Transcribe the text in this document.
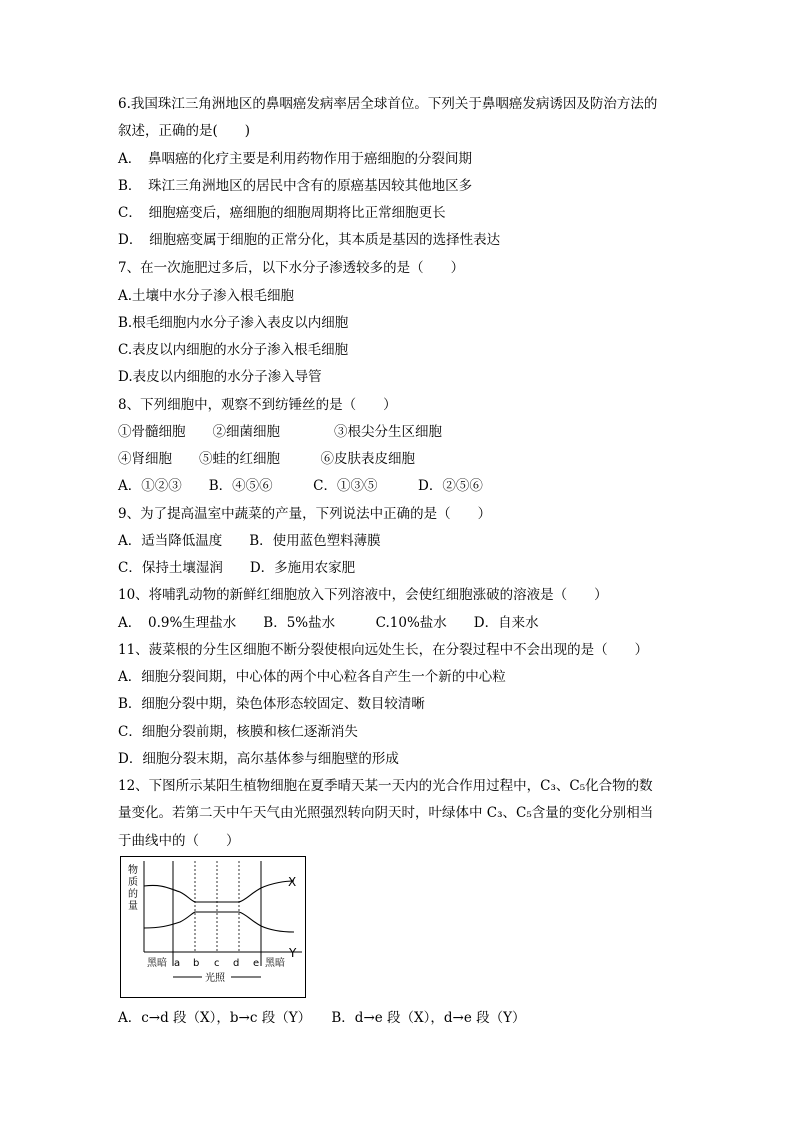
6.我国珠江三角洲地区的鼻咽癌发病率居全球首位。下列关于鼻咽癌发病诱因及防治方法的
叙述，正确的是(　　)
A．　鼻咽癌的化疗主要是利用药物作用于癌细胞的分裂间期
B．　珠江三角洲地区的居民中含有的原癌基因较其他地区多
C．　细胞癌变后，癌细胞的细胞周期将比正常细胞更长
D．　细胞癌变属于细胞的正常分化，其本质是基因的选择性表达
7、在一次施肥过多后，以下水分子渗透较多的是（　　）
A.土壤中水分子渗入根毛细胞
B.根毛细胞内水分子渗入表皮以内细胞
C.表皮以内细胞的水分子渗入根毛细胞
D.表皮以内细胞的水分子渗入导管
8、下列细胞中，观察不到纺锤丝的是（　　）
①骨髓细胞　　②细菌细胞　　　　③根尖分生区细胞
④肾细胞　　⑤蛙的红细胞　　　⑥皮肤表皮细胞
A．①②③　　B．④⑤⑥　　　C．①③⑤　　　D．②⑤⑥
9、为了提高温室中蔬菜的产量，下列说法中正确的是（　　）
A．适当降低温度　　B．使用蓝色塑料薄膜
C．保持土壤湿润　　D．多施用农家肥
10、将哺乳动物的新鲜红细胞放入下列溶液中，会使红细胞涨破的溶液是（　　）
A．　0.9%生理盐水　　B．5%盐水　　　C.10%盐水　　D．自来水
11、菠菜根的分生区细胞不断分裂使根向远处生长，在分裂过程中不会出现的是（　　）
A．细胞分裂间期，中心体的两个中心粒各自产生一个新的中心粒
B．细胞分裂中期，染色体形态较固定、数目较清晰
C．细胞分裂前期，核膜和核仁逐渐消失
D．细胞分裂末期，高尔基体参与细胞壁的形成
12、下图所示某阳生植物细胞在夏季晴天某一天内的光合作用过程中，C₃、C₅化合物的数
量变化。若第二天中午天气由光照强烈转向阴天时，叶绿体中 C₃、C₅含量的变化分别相当
于曲线中的（　　）
物
质
的
量
X
Y
黑暗 a b c d e 黑暗
光照
A．c→d 段（X），b→c 段（Y）　　B．d→e 段（X），d→e 段（Y）
